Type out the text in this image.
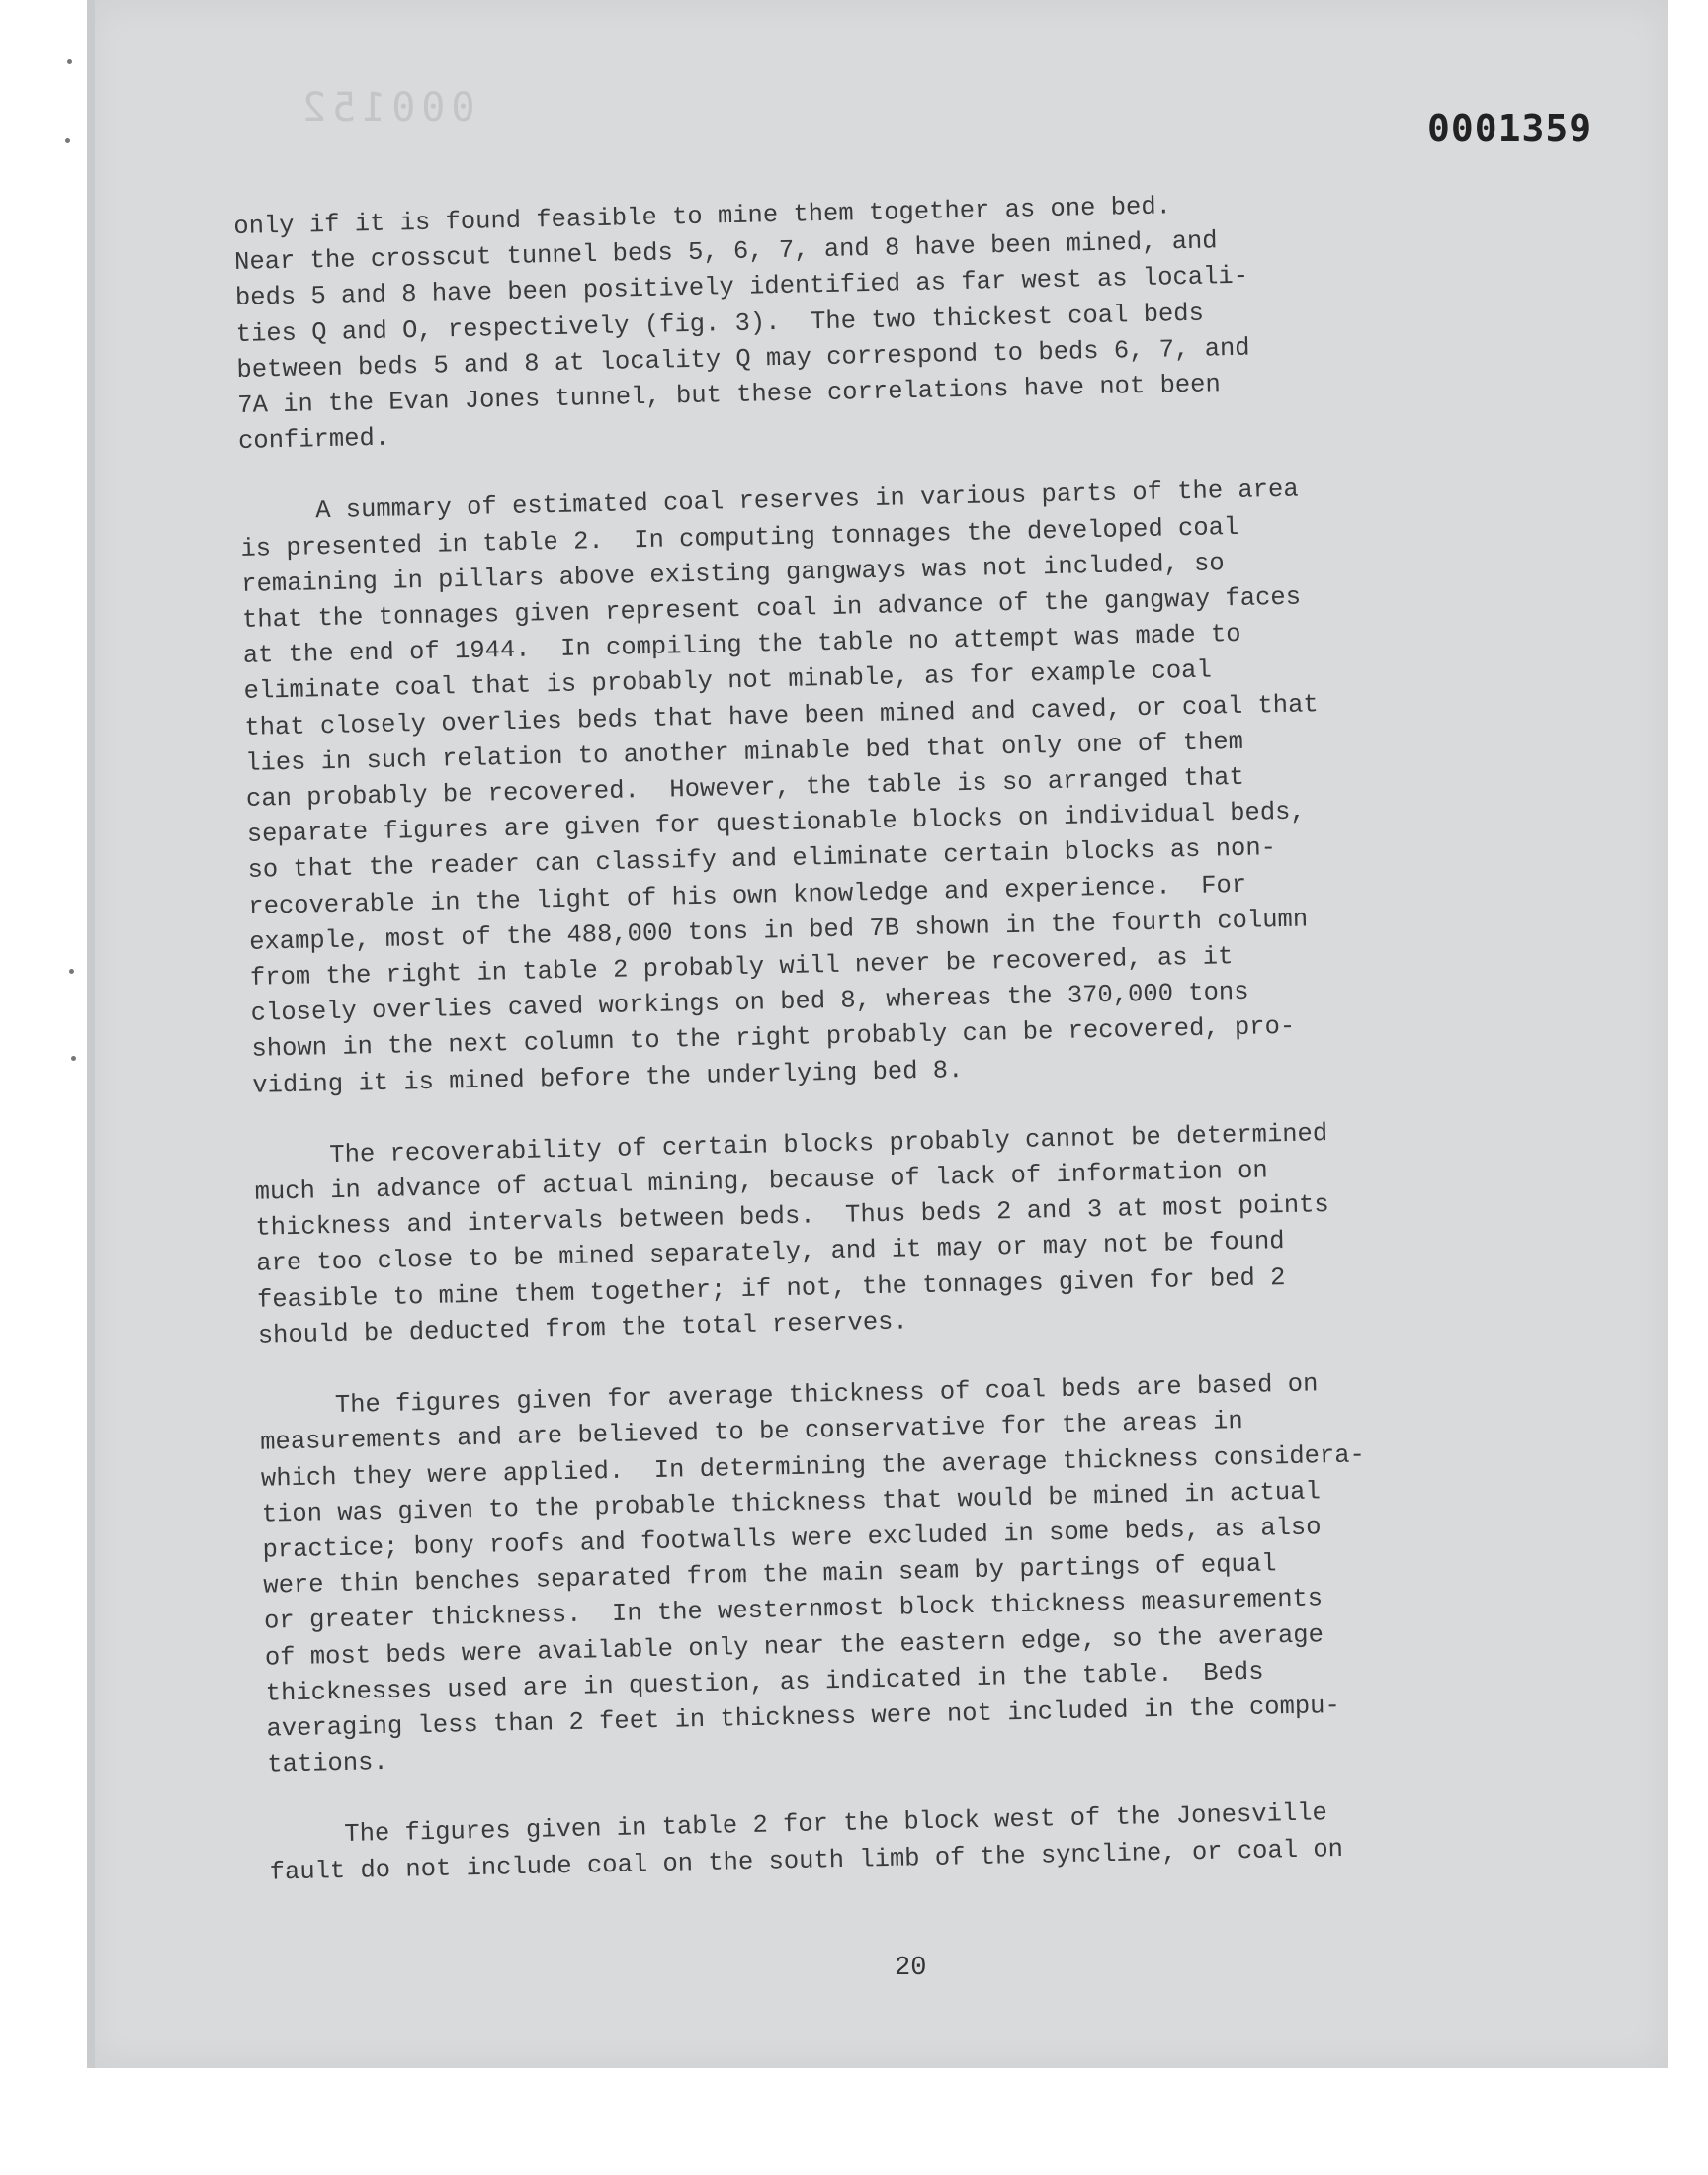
000152	0001359

only if it is found feasible to mine them together as one bed.
Near the crosscut tunnel beds 5, 6, 7, and 8 have been mined, and
beds 5 and 8 have been positively identified as far west as locali-
ties Q and O, respectively (fig. 3).  The two thickest coal beds
between beds 5 and 8 at locality Q may correspond to beds 6, 7, and
7A in the Evan Jones tunnel, but these correlations have not been
confirmed.

A summary of estimated coal reserves in various parts of the area
is presented in table 2.  In computing tonnages the developed coal
remaining in pillars above existing gangways was not included, so
that the tonnages given represent coal in advance of the gangway faces
at the end of 1944.  In compiling the table no attempt was made to
eliminate coal that is probably not minable, as for example coal
that closely overlies beds that have been mined and caved, or coal that
lies in such relation to another minable bed that only one of them
can probably be recovered.  However, the table is so arranged that
separate figures are given for questionable blocks on individual beds,
so that the reader can classify and eliminate certain blocks as non-
recoverable in the light of his own knowledge and experience.  For
example, most of the 488,000 tons in bed 7B shown in the fourth column
from the right in table 2 probably will never be recovered, as it
closely overlies caved workings on bed 8, whereas the 370,000 tons
shown in the next column to the right probably can be recovered, pro-
viding it is mined before the underlying bed 8.

The recoverability of certain blocks probably cannot be determined
much in advance of actual mining, because of lack of information on
thickness and intervals between beds.  Thus beds 2 and 3 at most points
are too close to be mined separately, and it may or may not be found
feasible to mine them together; if not, the tonnages given for bed 2
should be deducted from the total reserves.

The figures given for average thickness of coal beds are based on
measurements and are believed to be conservative for the areas in
which they were applied.  In determining the average thickness considera-
tion was given to the probable thickness that would be mined in actual
practice; bony roofs and footwalls were excluded in some beds, as also
were thin benches separated from the main seam by partings of equal
or greater thickness.  In the westernmost block thickness measurements
of most beds were available only near the eastern edge, so the average
thicknesses used are in question, as indicated in the table.  Beds
averaging less than 2 feet in thickness were not included in the compu-
tations.

The figures given in table 2 for the block west of the Jonesville
fault do not include coal on the south limb of the syncline, or coal on

20
